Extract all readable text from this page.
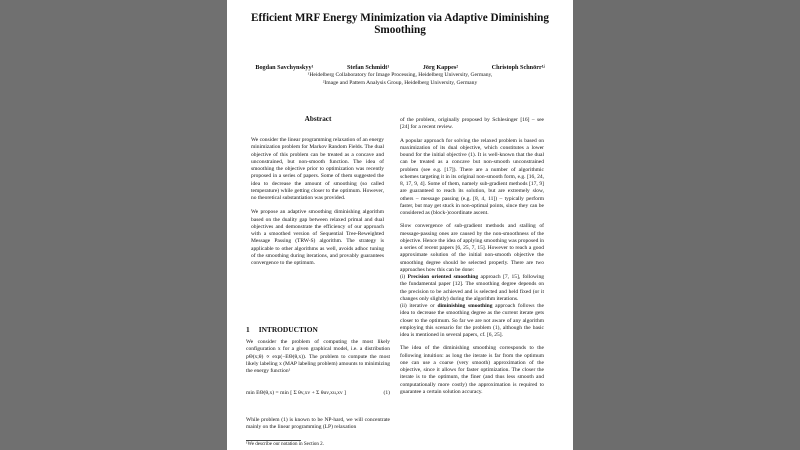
Efficient MRF Energy Minimization via Adaptive Diminishing Smoothing
Bogdan Savchynskyy¹	Stefan Schmidt¹	Jörg Kappes²	Christoph Schnörr¹ʲ
¹Heidelberg Collaboratory for Image Processing, Heidelberg University, Germany,
²Image and Pattern Analysis Group, Heidelberg University, Germany
Abstract

We consider the linear programming relaxation of an energy minimization problem for Markov Random Fields. The dual objective of this problem can be treated as a concave and unconstrained, but non-smooth function. The idea of smoothing the objective prior to optimization was recently proposed in a series of papers. Some of them suggested the idea to decrease the amount of smoothing (so called temperature) while getting closer to the optimum. However, no theoretical substantiation was provided.

We propose an adaptive smoothing diminishing algorithm based on the duality gap between relaxed primal and dual objectives and demonstrate the efficiency of our approach with a smoothed version of Sequential Tree-Reweighted Message Passing (TRW-S) algorithm. The strategy is applicable to other algorithms as well, avoids adhoc tuning of the smoothing during iterations, and provably guarantees convergence to the optimum.

1 INTRODUCTION

We consider the problem of computing the most likely configuration x for a given graphical model, i.e. a distribution pΘ(x;θ) ∝ exp(−EΘ(θ,x)). The problem to compute the most likely labeling x (MAP labeling problem) amounts to minimizing the energy function¹

min EΘ(θ,x) = min [ Σ θv,xv + Σ θuv,xu,xv ]	(1)

While problem (1) is known to be NP-hard, we will concentrate mainly on the linear programming (LP) relaxation

¹We describe our notation in Section 2.

of the problem, originally proposed by Schlesinger [16] – see [24] for a recent review.

A popular approach for solving the relaxed problem is based on maximization of its dual objective, which constitutes a lower bound for the initial objective (1). It is well-known that the dual can be treated as a concave but non-smooth unconstrained problem (see e.g. [17]). There are a number of algorithmic schemes targeting it in its original non-smooth form, e.g. [16, 24, 8, 17, 9, 4]. Some of them, namely sub-gradient methods [17, 9] are guaranteed to reach its solution, but are extremely slow, others – message passing (e.g. [8, 4, 11]) – typically perform faster, but may get stuck in non-optimal points, since they can be considered as (block-)coordinate ascent.

Slow convergence of sub-gradient methods and stalling of message-passing ones are caused by the non-smoothness of the objective. Hence the idea of applying smoothing was proposed in a series of recent papers [6, 25, 7, 15]. However to reach a good approximate solution of the initial non-smooth objective the smoothing degree should be selected properly. There are two approaches how this can be done:

(i) Precision oriented smoothing approach [7, 15], following the fundamental paper [12]. The smoothing degree depends on the precision to be achieved and is selected and held fixed (or it changes only slightly) during the algorithm iterations.

(ii) iterative or diminishing smoothing approach follows the idea to decrease the smoothing degree as the current iterate gets closer to the optimum. So far we are not aware of any algorithm employing this scenario for the problem (1), although the basic idea is mentioned in several papers, cf. [6, 25].

The idea of the diminishing smoothing corresponds to the following intuition: as long the iterate is far from the optimum one can use a coarse (very smooth) approximation of the objective, since it allows for faster optimization. The closer the iterate is to the optimum, the finer (and thus less smooth and computationally more costly) the approximation is required to guarantee a certain solution accuracy.
